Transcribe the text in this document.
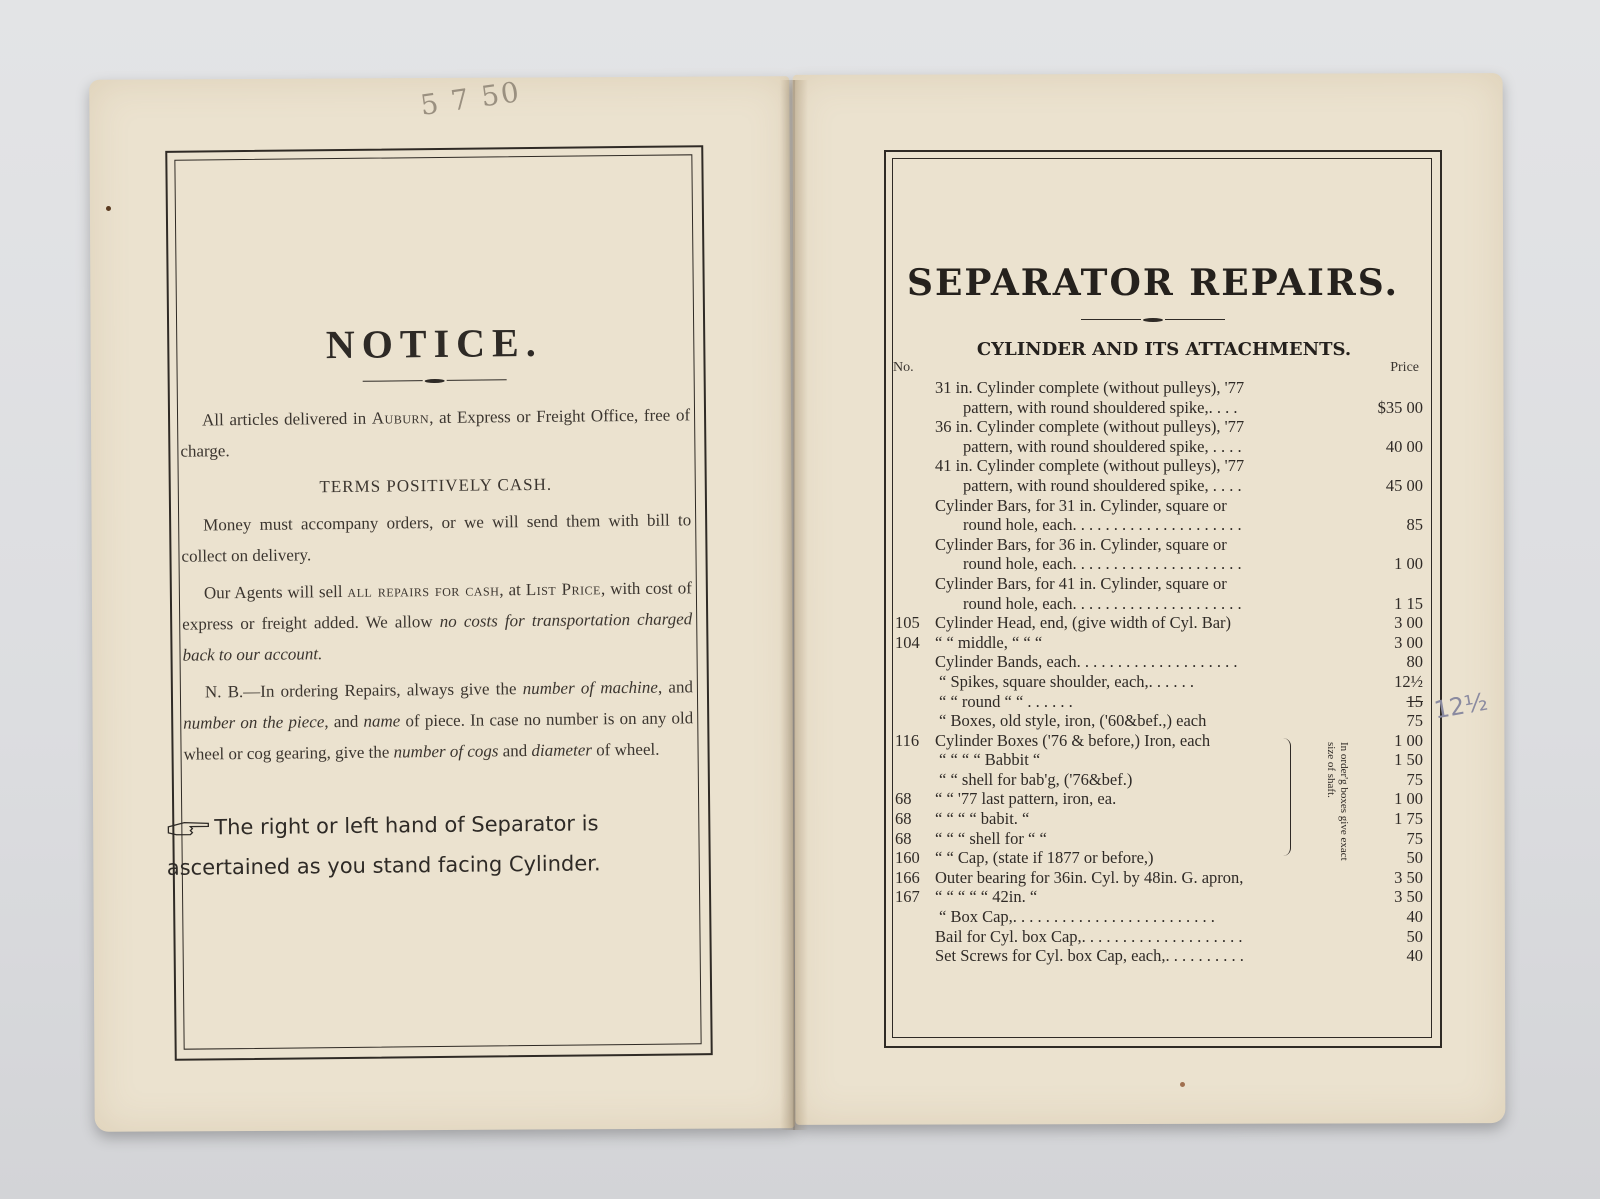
5 7 50
NOTICE.

All articles delivered in Auburn, at Express or Freight Office, free of charge.

TERMS POSITIVELY CASH.

Money must accompany orders, or we will send them with bill to collect on delivery.

Our Agents will sell all repairs for cash, at List Price, with cost of express or freight added. We allow no costs for transportation charged back to our account.

N. B.—In ordering Repairs, always give the number of machine, and number on the piece, and name of piece. In case no number is on any old wheel or cog gearing, give the number of cogs and diameter of wheel.

The right or left hand of Separator is ascertained as you stand facing Cylinder.
SEPARATOR REPAIRS.
CYLINDER AND ITS ATTACHMENTS.
No.	Price
31 in. Cylinder complete (without pulleys), '77
pattern, with round shouldered spike,. . . .	$35 00
36 in. Cylinder complete (without pulleys), '77
pattern, with round shouldered spike, . . . .	40 00
41 in. Cylinder complete (without pulleys), '77
pattern, with round shouldered spike, . . . .	45 00
Cylinder Bars, for 31 in. Cylinder, square or
round hole, each. . . . . . . . . . . . . . . . . . . . .	85
Cylinder Bars, for 36 in. Cylinder, square or
round hole, each. . . . . . . . . . . . . . . . . . . . .	1 00
Cylinder Bars, for 41 in. Cylinder, square or
round hole, each. . . . . . . . . . . . . . . . . . . . .	1 15
105 Cylinder Head, end, (give width of Cyl. Bar)	3 00
104 “ “ middle, “ “ “	3 00
Cylinder Bands, each. . . . . . . . . . . . . . . . . . . .	80
“ Spikes, square shoulder, each,. . . . . .	12½
“ “ round “ “ . . . . . .	15
“ Boxes, old style, iron, ('60&bef.,) each	75
116 Cylinder Boxes ('76 & before,) Iron, each	1 00
“ “ “ “ Babbit “	1 50
“ “ shell for bab'g, ('76&bef.)	75
68	“ “ '77 last pattern, iron, ea.	1 00
68	“ “ “ “ babit. “	1 75
68	“ “ “ shell for “ “	75
160 “ “ Cap, (state if 1877 or before,)	50
166 Outer bearing for 36in. Cyl. by 48in. G. apron,	3 50
167 “ “ “ “ “ 42in. “	3 50
“ Box Cap,. . . . . . . . . . . . . . . . . . . . . . . . .	40
Bail for Cyl. box Cap,. . . . . . . . . . . . . . . . . . . .	50
Set Screws for Cyl. box Cap, each,. . . . . . . . . .	40
In order'g boxes give exact size of shaft.
12½
